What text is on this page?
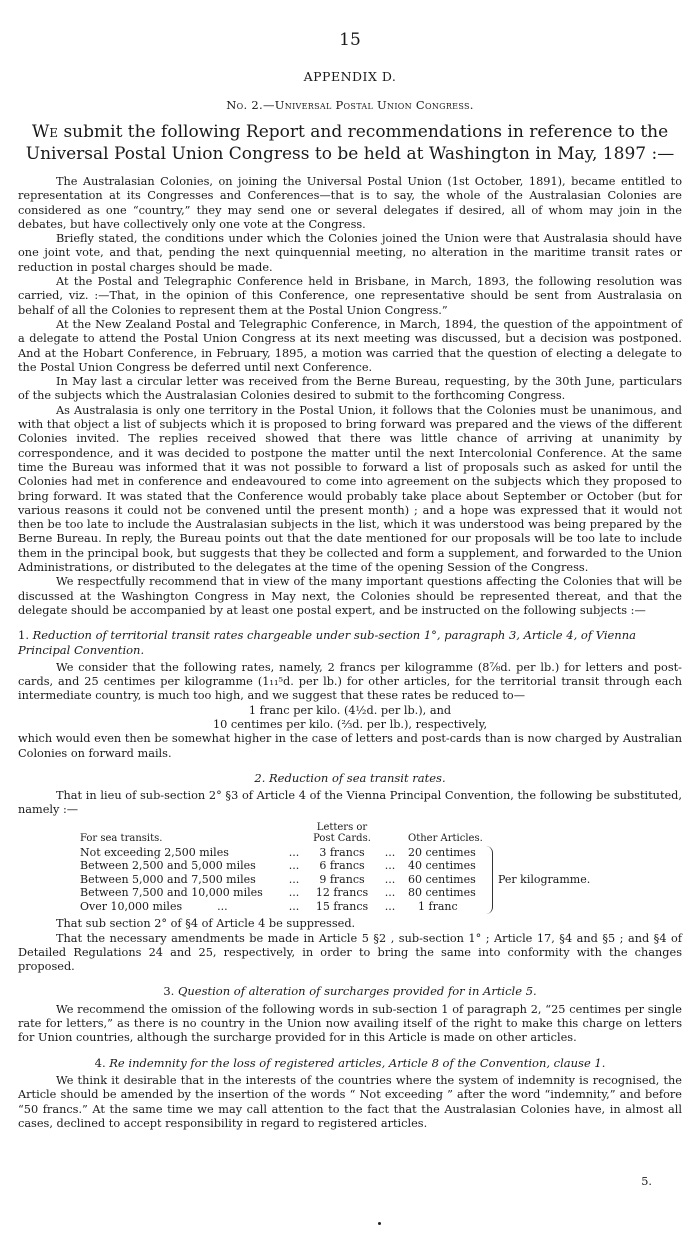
15
APPENDIX D.
No. 2.—Universal Postal Union Congress.
We submit the following Report and recommendations in reference to the Universal Postal Union Congress to be held at Washington in May, 1897 :—

The Australasian Colonies, on joining the Universal Postal Union (1st October, 1891), became entitled to representation at its Congresses and Conferences—that is to say, the whole of the Australasian Colonies are considered as one “country,” they may send one or several delegates if desired, all of whom may join in the debates, but have collectively only one vote at the Congress.

Briefly stated, the conditions under which the Colonies joined the Union were that Australasia should have one joint vote, and that, pending the next quinquennial meeting, no alteration in the maritime transit rates or reduction in postal charges should be made.

At the Postal and Telegraphic Conference held in Brisbane, in March, 1893, the following resolution was carried, viz. :—That, in the opinion of this Conference, one representative should be sent from Australasia on behalf of all the Colonies to represent them at the Postal Union Congress.”

At the New Zealand Postal and Telegraphic Conference, in March, 1894, the question of the appointment of a delegate to attend the Postal Union Congress at its next meeting was discussed, but a decision was postponed. And at the Hobart Conference, in February, 1895, a motion was carried that the question of electing a delegate to the Postal Union Congress be deferred until next Conference.

In May last a circular letter was received from the Berne Bureau, requesting, by the 30th June, particulars of the subjects which the Australasian Colonies desired to submit to the forthcoming Congress.

As Australasia is only one territory in the Postal Union, it follows that the Colonies must be unanimous, and with that object a list of subjects which it is proposed to bring forward was prepared and the views of the different Colonies invited. The replies received showed that there was little chance of arriving at unanimity by correspondence, and it was decided to postpone the matter until the next Intercolonial Conference. At the same time the Bureau was informed that it was not possible to forward a list of proposals such as asked for until the Colonies had met in conference and endeavoured to come into agreement on the subjects which they proposed to bring forward. It was stated that the Conference would probably take place about September or October (but for various reasons it could not be convened until the present month) ; and a hope was expressed that it would not then be too late to include the Australasian subjects in the list, which it was understood was being prepared by the Berne Bureau. In reply, the Bureau points out that the date mentioned for our proposals will be too late to include them in the principal book, but suggests that they be collected and form a supplement, and forwarded to the Union Administrations, or distributed to the delegates at the time of the opening Session of the Congress.

We respectfully recommend that in view of the many important questions affecting the Colonies that will be discussed at the Washington Congress in May next, the Colonies should be represented thereat, and that the delegate should be accompanied by at least one postal expert, and be instructed on the following subjects :—

1. Reduction of territorial transit rates chargeable under sub-section 1°, paragraph 3, Article 4, of Vienna Principal Convention.

We consider that the following rates, namely, 2 francs per kilogramme (8⅞d. per lb.) for letters and post-cards, and 25 centimes per kilogramme (1₁₁⁵d. per lb.) for other articles, for the territorial transit through each intermediate country, is much too high, and we suggest that these rates be reduced to—

1 franc per kilo. (4½d. per lb.), and
10 centimes per kilo. (⅔d. per lb.), respectively,

which would even then be somewhat higher in the case of letters and post-cards than is now charged by Australian Colonies on forward mails.

2. Reduction of sea transit rates.

That in lieu of sub-section 2° §3 of Article 4 of the Vienna Principal Convention, the following be substituted, namely :—

For sea transits.		Letters or Post Cards.		Other Articles.	
Not exceeding 2,500 miles	...	3 francs	...	20 centimes	Per kilogramme.

Between 2,500 and 5,000 miles	...	6 francs	...	40 centimes	
Between 5,000 and 7,500 miles	...	9 francs	...	60 centimes	
Between 7,500 and 10,000 miles	...	12 francs	...	80 centimes	
Over 10,000 miles          ...	...	15 francs	...	1 franc	

That sub section 2° of §4 of Article 4 be suppressed.

That the necessary amendments be made in Article 5 §2 , sub-section 1° ; Article 17, §4 and §5 ; and §4 of Detailed Regulations 24 and 25, respectively, in order to bring the same into conformity with the changes proposed.

3. Question of alteration of surcharges provided for in Article 5.

We recommend the omission of the following words in sub-section 1 of paragraph 2, “25 centimes per single rate for letters,” as there is no country in the Union now availing itself of the right to make this charge on letters for Union countries, although the surcharge provided for in this Article is made on other articles.

4. Re indemnity for the loss of registered articles, Article 8 of the Convention, clause 1.

We think it desirable that in the interests of the countries where the system of indemnity is recognised, the Article should be amended by the insertion of the words “ Not exceeding ” after the word “indemnity,” and before “50 francs.” At the same time we may call attention to the fact that the Australasian Colonies have, in almost all cases, declined to accept responsibility in regard to registered articles.

5.
